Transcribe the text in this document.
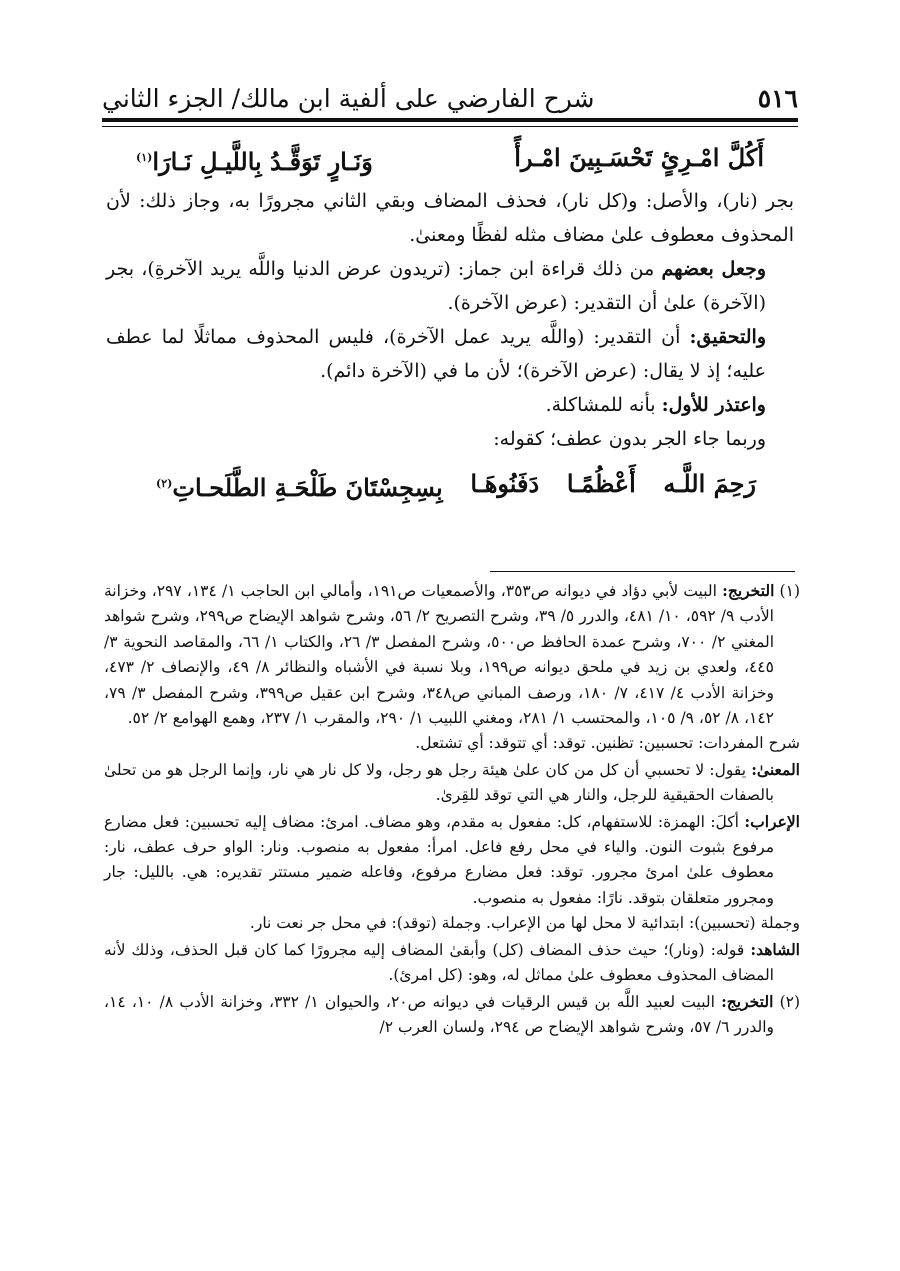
٥١٦
شرح الفارضي على ألفية ابن مالك/ الجزء الثاني
أَكُلَّ امْـرِئٍ تَحْسَـبِينَ امْـرأً
وَنَـارٍ تَوَقَّـدُ بِاللَّيـلِ نَـارَا$^{(١)}$

بجر (نار)، والأصل: و(كل نار)، فحذف المضاف وبقي الثاني مجرورًا به، وجاز ذلك: لأن المحذوف معطوف علىٰ مضاف مثله لفظًا ومعنىٰ.

وجعل بعضهم من ذلك قراءة ابن جماز: (تريدون عرض الدنيا واللَّه يريد الآخرةِ)، بجر (الآخرة) علىٰ أن التقدير: (عرض الآخرة).

والتحقيق: أن التقدير: (واللَّه يريد عمل الآخرة)، فليس المحذوف مماثلًا لما عطف عليه؛ إذ لا يقال: (عرض الآخرة)؛ لأن ما في (الآخرة دائم).

واعتذر للأول: بأنه للمشاكلة.

وربما جاء الجر بدون عطف؛ كقوله:

رَحِمَ اللَّـه
أَعْظُمًـا
دَفَنُوهَـا
بِسِجِسْتَانَ طَلْحَـةِ الطَّلَحـاتِ$^{(٢)}$

(١) التخريج: البيت لأبي دؤاد في ديوانه ص٣٥٣، والأصمعيات ص١٩١، وأمالي ابن الحاجب ١/ ١٣٤، ٢٩٧، وخزانة الأدب ٩/ ٥٩٢، ١٠/ ٤٨١، والدرر ٥/ ٣٩، وشرح التصريح ٢/ ٥٦، وشرح شواهد الإيضاح ص٢٩٩، وشرح شواهد المغني ٢/ ٧٠٠، وشرح عمدة الحافظ ص٥٠٠، وشرح المفصل ٣/ ٢٦، والكتاب ١/ ٦٦، والمقاصد النحوية ٣/ ٤٤٥، ولعدي بن زيد في ملحق ديوانه ص١٩٩، وبلا نسبة في الأشباه والنظائر ٨/ ٤٩، والإنصاف ٢/ ٤٧٣، وخزانة الأدب ٤/ ٤١٧، ٧/ ١٨٠، ورصف المباني ص٣٤٨، وشرح ابن عقيل ص٣٩٩، وشرح المفصل ٣/ ٧٩، ١٤٢، ٨/ ٥٢، ٩/ ١٠٥، والمحتسب ١/ ٢٨١، ومغني اللبيب ١/ ٢٩٠، والمقرب ١/ ٢٣٧، وهمع الهوامع ٢/ ٥٢.

شرح المفردات: تحسبين: تظنين. توقد: أي تتوقد: أي تشتعل.

المعنىٰ: يقول: لا تحسبي أن كل من كان علىٰ هيئة رجل هو رجل، ولا كل نار هي نار، وإنما الرجل هو من تحلىٰ بالصفات الحقيقية للرجل، والنار هي التي توقد للقِرىٰ.

الإعراب: أكلَ: الهمزة: للاستفهام، كل: مفعول به مقدم، وهو مضاف. امرئ: مضاف إليه تحسبين: فعل مضارع مرفوع بثبوت النون. والياء في محل رفع فاعل. امرأ: مفعول به منصوب. ونار: الواو حرف عطف، نار: معطوف علىٰ امرئ مجرور. توقد: فعل مضارع مرفوع، وفاعله ضمير مستتر تقديره: هي. بالليل: جار ومجرور متعلقان بتوقد. نارًا: مفعول به منصوب.

وجملة (تحسبين): ابتدائية لا محل لها من الإعراب. وجملة (توقد): في محل جر نعت نار.

الشاهد: قوله: (ونار)؛ حيث حذف المضاف (كل) وأبقىٰ المضاف إليه مجرورًا كما كان قبل الحذف، وذلك لأنه المضاف المحذوف معطوف علىٰ مماثل له، وهو: (كل امرئ).

(٢) التخريج: البيت لعبيد اللَّه بن قيس الرقيات في ديوانه ص٢٠، والحيوان ١/ ٣٣٢، وخزانة الأدب ٨/ ١٠، ١٤، والدرر ٦/ ٥٧، وشرح شواهد الإيضاح ص ٢٩٤، ولسان العرب ٢/
